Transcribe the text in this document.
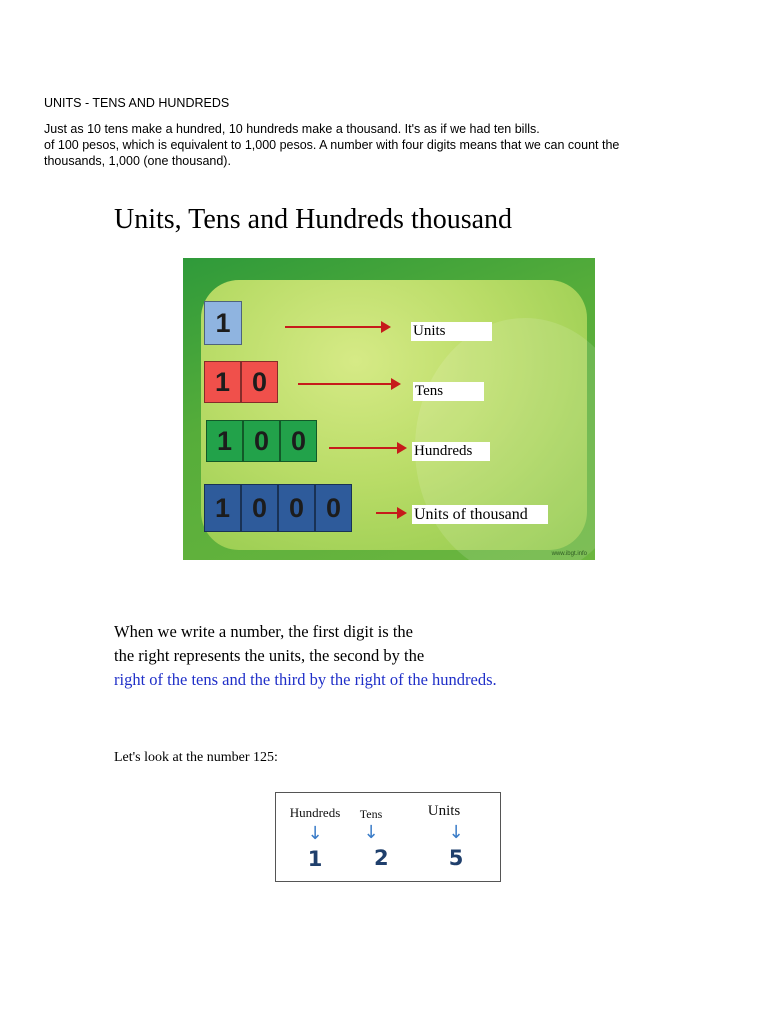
UNITS - TENS AND HUNDREDS
Just as 10 tens make a hundred, 10 hundreds make a thousand. It's as if we had ten bills.
of 100 pesos, which is equivalent to 1,000 pesos. A number with four digits means that we can count the
thousands, 1,000 (one thousand).
Units, Tens and Hundreds thousand
1	Units
1 0	Tens
1 0 0	Hundreds
1 0 0 0	Units of thousand
www.ibgt.info
When we write a number, the first digit is the
the right represents the units, the second by the
right of the tens and the third by the right of the hundreds.
Let's look at the number 125:
Hundreds
↓
1
Tens
↓
2
Units
↓
5
